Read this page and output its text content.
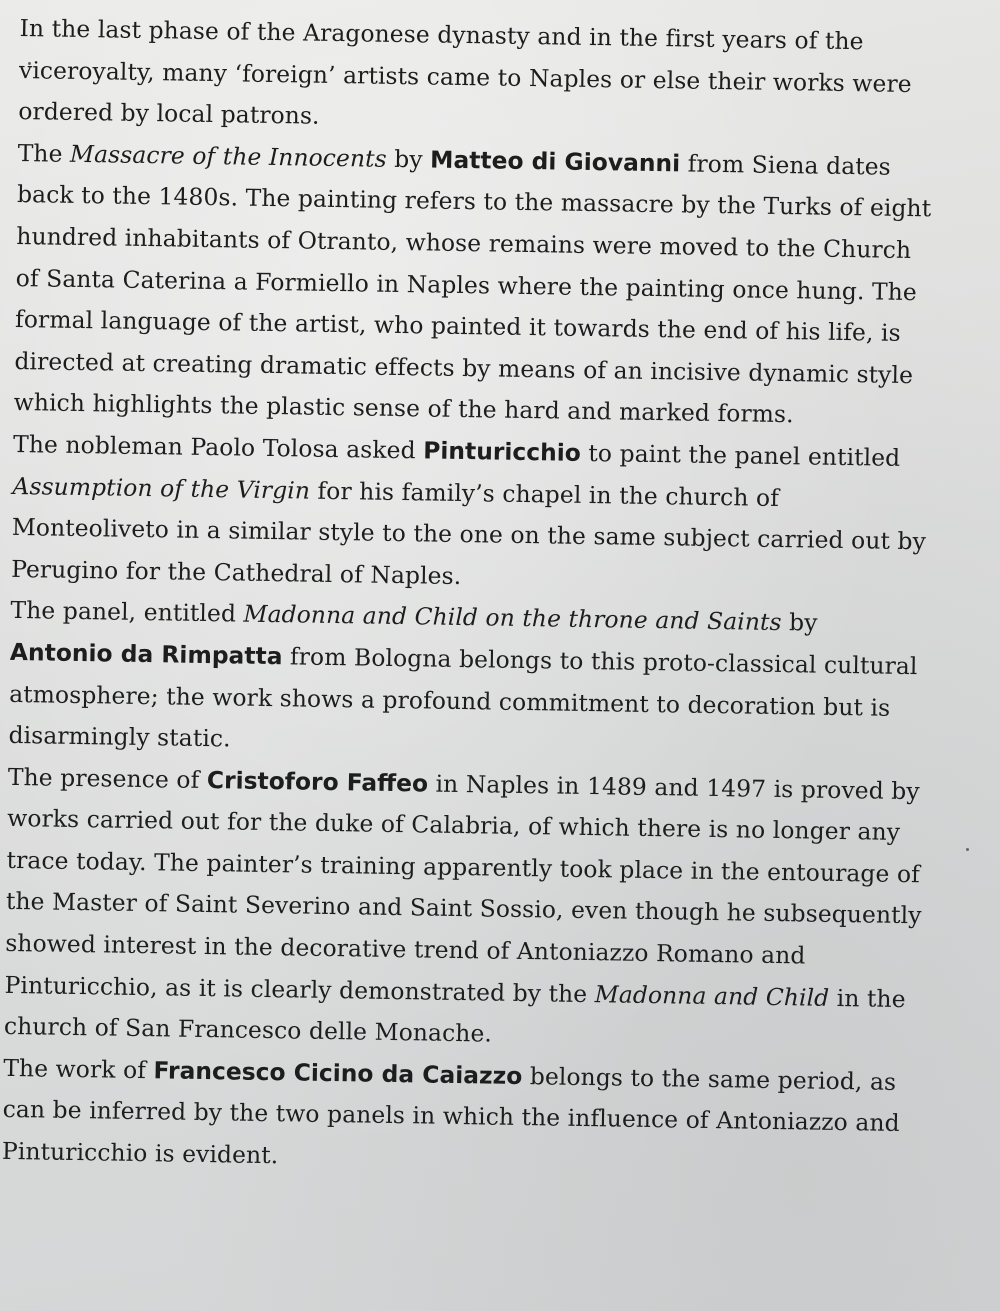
In the last phase of the Aragonese dynasty and in the first years of the
viceroyalty, many ‘foreign’ artists came to Naples or else their works were
ordered by local patrons.

The Massacre of the Innocents by Matteo di Giovanni from Siena dates
back to the 1480s. The painting refers to the massacre by the Turks of eight
hundred inhabitants of Otranto, whose remains were moved to the Church
of Santa Caterina a Formiello in Naples where the painting once hung. The
formal language of the artist, who painted it towards the end of his life, is
directed at creating dramatic effects by means of an incisive dynamic style
which highlights the plastic sense of the hard and marked forms.

The nobleman Paolo Tolosa asked Pinturicchio to paint the panel entitled
Assumption of the Virgin for his family’s chapel in the church of
Monteoliveto in a similar style to the one on the same subject carried out by
Perugino for the Cathedral of Naples.

The panel, entitled Madonna and Child on the throne and Saints by
Antonio da Rimpatta from Bologna belongs to this proto-classical cultural
atmosphere; the work shows a profound commitment to decoration but is
disarmingly static.

The presence of Cristoforo Faffeo in Naples in 1489 and 1497 is proved by
works carried out for the duke of Calabria, of which there is no longer any
trace today. The painter’s training apparently took place in the entourage of
the Master of Saint Severino and Saint Sossio, even though he subsequently
showed interest in the decorative trend of Antoniazzo Romano and
Pinturicchio, as it is clearly demonstrated by the Madonna and Child in the
church of San Francesco delle Monache.

The work of Francesco Cicino da Caiazzo belongs to the same period, as
can be inferred by the two panels in which the influence of Antoniazzo and
Pinturicchio is evident.
